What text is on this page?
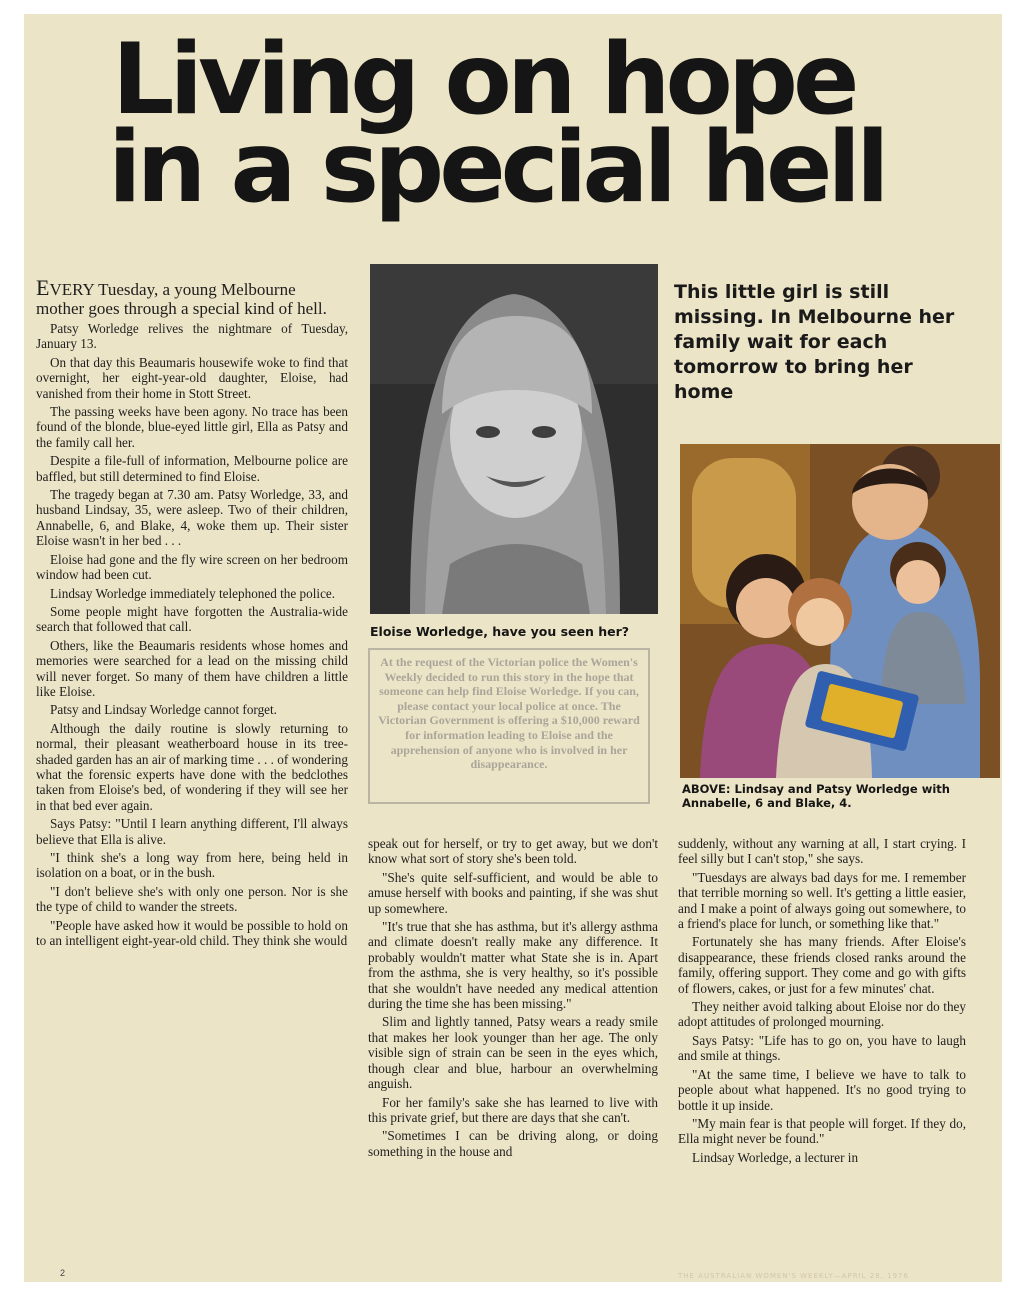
Living on hope
in a special hell

EVERY Tuesday, a young Melbourne mother goes through a special kind of hell.

Patsy Worledge relives the nightmare of Tuesday, January 13.

On that day this Beaumaris housewife woke to find that overnight, her eight-year-old daughter, Eloise, had vanished from their home in Stott Street.

The passing weeks have been agony. No trace has been found of the blonde, blue-eyed little girl, Ella as Patsy and the family call her.

Despite a file-full of information, Melbourne police are baffled, but still determined to find Eloise.

The tragedy began at 7.30 am. Patsy Worledge, 33, and husband Lindsay, 35, were asleep. Two of their children, Annabelle, 6, and Blake, 4, woke them up. Their sister Eloise wasn't in her bed . . .

Eloise had gone and the fly wire screen on her bedroom window had been cut.

Lindsay Worledge immediately telephoned the police.

Some people might have forgotten the Australia-wide search that followed that call.

Others, like the Beaumaris residents whose homes and memories were searched for a lead on the missing child will never forget. So many of them have children a little like Eloise.

Patsy and Lindsay Worledge cannot forget.

Although the daily routine is slowly returning to normal, their pleasant weatherboard house in its tree-shaded garden has an air of marking time . . . of wondering what the forensic experts have done with the bedclothes taken from Eloise's bed, of wondering if they will see her in that bed ever again.

Says Patsy: "Until I learn anything different, I'll always believe that Ella is alive.

"I think she's a long way from here, being held in isolation on a boat, or in the bush.

"I don't believe she's with only one person. Nor is she the type of child to wander the streets.

"People have asked how it would be possible to hold on to an intelligent eight-year-old child. They think she would

Eloise Worledge, have you seen her?
At the request of the Victorian police the Women's Weekly decided to run this story in the hope that someone can help find Eloise Worledge. If you can, please contact your local police at once. The Victorian Government is offering a $10,000 reward for information leading to Eloise and the apprehension of anyone who is involved in her disappearance.
This little girl is still missing. In Melbourne her family wait for each tomorrow to bring her home
ABOVE: Lindsay and Patsy Worledge with Annabelle, 6 and Blake, 4.

speak out for herself, or try to get away, but we don't know what sort of story she's been told.

"She's quite self-sufficient, and would be able to amuse herself with books and painting, if she was shut up somewhere.

"It's true that she has asthma, but it's allergy asthma and climate doesn't really make any difference. It probably wouldn't matter what State she is in. Apart from the asthma, she is very healthy, so it's possible that she wouldn't have needed any medical attention during the time she has been missing."

Slim and lightly tanned, Patsy wears a ready smile that makes her look younger than her age. The only visible sign of strain can be seen in the eyes which, though clear and blue, harbour an overwhelming anguish.

For her family's sake she has learned to live with this private grief, but there are days that she can't.

"Sometimes I can be driving along, or doing something in the house and

suddenly, without any warning at all, I start crying. I feel silly but I can't stop," she says.

"Tuesdays are always bad days for me. I remember that terrible morning so well. It's getting a little easier, and I make a point of always going out somewhere, to a friend's place for lunch, or something like that."

Fortunately she has many friends. After Eloise's disappearance, these friends closed ranks around the family, offering support. They come and go with gifts of flowers, cakes, or just for a few minutes' chat.

They neither avoid talking about Eloise nor do they adopt attitudes of prolonged mourning.

Says Patsy: "Life has to go on, you have to laugh and smile at things.

"At the same time, I believe we have to talk to people about what happened. It's no good trying to bottle it up inside.

"My main fear is that people will forget. If they do, Ella might never be found."

Lindsay Worledge, a lecturer in

2	THE AUSTRALIAN WOMEN'S WEEKLY—APRIL 28, 1976
